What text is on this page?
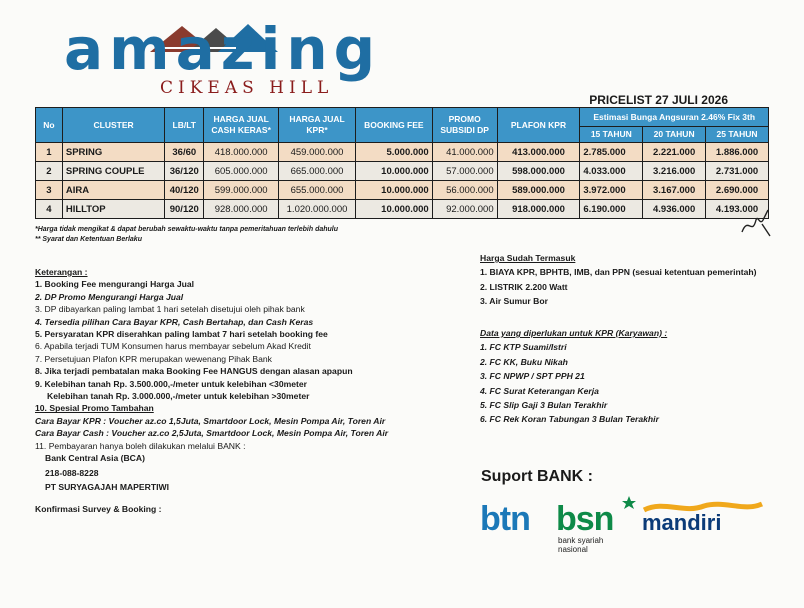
amazing
CIKEAS HILL
PRICELIST 27 JULI 2026
No	CLUSTER	LB/LT	HARGA JUAL CASH KERAS*	HARGA JUAL KPR*	BOOKING FEE	PROMO SUBSIDI DP	PLAFON KPR	Estimasi Bunga Angsuran 2.46% Fix 3th		
								15 TAHUN	20 TAHUN	25 TAHUN
1	SPRING	36/60	418.000.000	459.000.000	5.000.000	41.000.000	413.000.000	2.785.000	2.221.000	1.886.000
2	SPRING COUPLE	36/120	605.000.000	665.000.000	10.000.000	57.000.000	598.000.000	4.033.000	3.216.000	2.731.000
3	AIRA	40/120	599.000.000	655.000.000	10.000.000	56.000.000	589.000.000	3.972.000	3.167.000	2.690.000
4	HILLTOP	90/120	928.000.000	1.020.000.000	10.000.000	92.000.000	918.000.000	6.190.000	4.936.000	4.193.000
*Harga tidak mengikat & dapat berubah sewaktu-waktu tanpa pemeritahuan terlebih dahulu
** Syarat dan Ketentuan Berlaku
Keterangan :
1. Booking Fee mengurangi Harga Jual
2. DP Promo Mengurangi Harga Jual
3. DP dibayarkan paling lambat 1 hari setelah disetujui oleh pihak bank
4. Tersedia pilihan Cara Bayar KPR, Cash Bertahap, dan Cash Keras
5. Persyaratan KPR diserahkan paling lambat 7 hari setelah booking fee
6. Apabila terjadi TUM Konsumen harus membayar sebelum Akad Kredit
7. Persetujuan Plafon KPR merupakan wewenang Pihak Bank
8. Jika terjadi pembatalan maka Booking Fee HANGUS dengan alasan apapun
9. Kelebihan tanah Rp. 3.500.000,-/meter untuk kelebihan <30meter
Kelebihan tanah Rp. 3.000.000,-/meter untuk kelebihan >30meter
10. Spesial Promo Tambahan
Cara Bayar KPR : Voucher az.co 1,5Juta, Smartdoor Lock, Mesin Pompa Air, Toren Air
Cara Bayar Cash : Voucher az.co 2,5Juta, Smartdoor Lock, Mesin Pompa Air, Toren Air
11. Pembayaran hanya boleh dilakukan melalui BANK :
Bank Central Asia (BCA)
218-088-8228
PT SURYAGAJAH MAPERTIWI
Konfirmasi Survey & Booking :
Harga Sudah Termasuk
1. BIAYA KPR, BPHTB, IMB, dan PPN (sesuai ketentuan pemerintah)
2. LISTRIK 2.200 Watt
3. Air Sumur Bor
Data yang diperlukan untuk KPR (Karyawan) :
1. FC KTP Suami/Istri
2. FC KK, Buku Nikah
3. FC NPWP / SPT PPH 21
4. FC Surat Keterangan Kerja
5. FC Slip Gaji 3 Bulan Terakhir
6. FC Rek Koran Tabungan 3 Bulan Terakhir
Suport BANK :
btn bsn
bank syariah
nasional
mandiri
